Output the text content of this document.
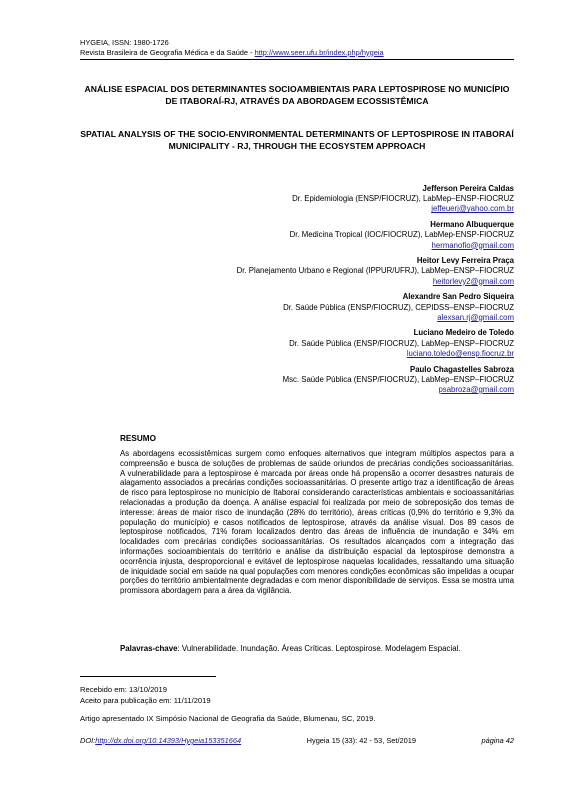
HYGEIA, ISSN: 1980-1726
Revista Brasileira de Geografia Médica e da Saúde - http://www.seer.ufu.br/index.php/hygeia
ANÁLISE ESPACIAL DOS DETERMINANTES SOCIOAMBIENTAIS PARA LEPTOSPIROSE NO MUNICÍPIO DE ITABORAÍ-RJ, ATRAVÉS DA ABORDAGEM ECOSSISTÊMICA
SPATIAL ANALYSIS OF THE SOCIO-ENVIRONMENTAL DETERMINANTS OF LEPTOSPIROSE IN ITABORAÍ MUNICIPALITY - RJ, THROUGH THE ECOSYSTEM APPROACH
Jefferson Pereira Caldas
Dr. Epidemiologia (ENSP/FIOCRUZ), LabMep–ENSP-FIOCRUZ
jeffeuerj@yahoo.com.br
Hermano Albuquerque
Dr. Medicina Tropical (IOC/FIOCRUZ), LabMep-ENSP-FIOCRUZ
hermanofio@gmail.com
Heitor Levy Ferreira Praça
Dr. Planejamento Urbano e Regional (IPPUR/UFRJ), LabMep–ENSP–FIOCRUZ
heitorlevy2@gmail.com
Alexandre San Pedro Siqueira
Dr. Saúde Pública (ENSP/FIOCRUZ), CEPIDSS–ENSP–FIOCRUZ
alexsan.rj@gmail.com
Luciano Medeiro de Toledo
Dr. Saúde Pública (ENSP/FIOCRUZ), LabMep–ENSP–FIOCRUZ
luciano.toledo@ensp.fiocruz.br
Paulo Chagastelles Sabroza
Msc. Saúde Pública (ENSP/FIOCRUZ), LabMep–ENSP–FIOCRUZ
psabroza@gmail.com
RESUMO
As abordagens ecossistêmicas surgem como enfoques alternativos que integram múltiplos aspectos para a compreensão e busca de soluções de problemas de saúde oriundos de precárias condições socioassanitárias. A vulnerabilidade para a leptospirose é marcada por áreas onde há propensão a ocorrer desastres naturais de alagamento associados a precárias condições socioassanitárias. O presente artigo traz a identificação de áreas de risco para leptospirose no município de Itaboraí considerando características ambientais e socioassanitárias relacionadas a produção da doença. A análise espacial foi realizada por meio de sobreposição dos temas de interesse: áreas de maior risco de inundação (28% do território), áreas críticas (0,9% do território e 9,3% da população do município) e casos notificados de leptospirose, através da análise visual. Dos 89 casos de leptospirose notificados, 71% foram localizados dentro das áreas de influência de inundação e 34% em localidades com precárias condições socioassanitárias. Os resultados alcançados com a integração das informações socioambientais do território e análise da distribuição espacial da leptospirose demonstra a ocorrência injusta, desproporcional e evitável de leptospirose naquelas localidades, ressaltando uma situação de iniquidade social em saúde na qual populações com menores condições econômicas são impelidas a ocupar porções do território ambientalmente degradadas e com menor disponibilidade de serviços. Essa se mostra uma promissora abordagem para a área da vigilância.
Palavras-chave: Vulnerabilidade. Inundação. Áreas Críticas. Leptospirose. Modelagem Espacial.
Recebido em: 13/10/2019
Aceito para publicação em: 11/11/2019
Artigo apresentado IX Simpósio Nacional de Geografia da Saúde, Blumenau, SC, 2019.
DOI:http://dx.doi.org/10.14393/Hygeia153351664	Hygeia 15 (33): 42 - 53, Set/2019	página 42
